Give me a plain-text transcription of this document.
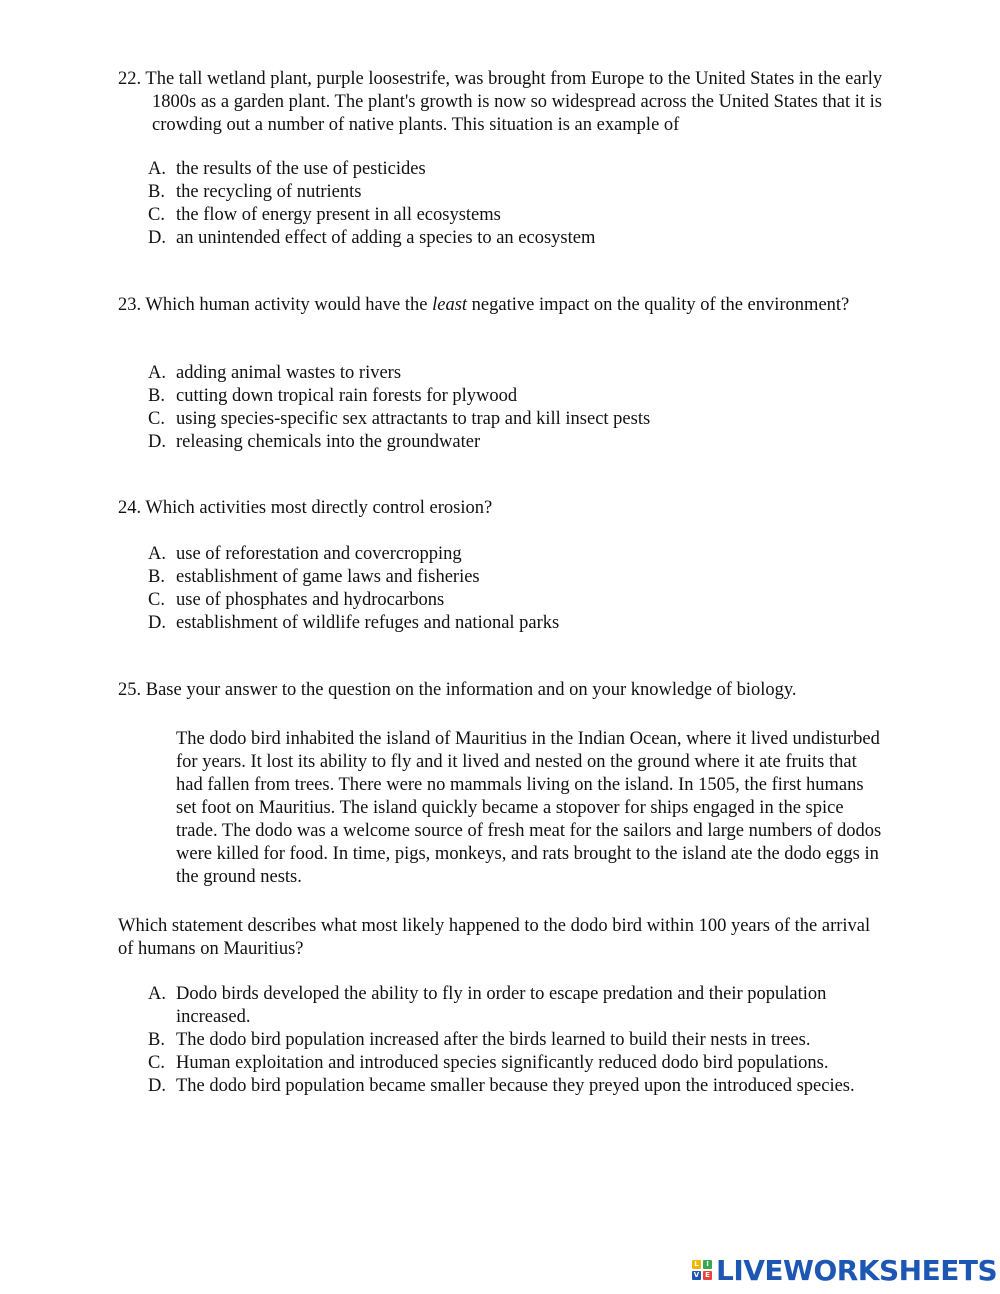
22. The tall wetland plant, purple loosestrife, was brought from Europe to the United States in the early 1800s as a garden plant. The plant's growth is now so widespread across the United States that it is crowding out a number of native plants. This situation is an example of
A. the results of the use of pesticides
B. the recycling of nutrients
C. the flow of energy present in all ecosystems
D. an unintended effect of adding a species to an ecosystem
23. Which human activity would have the least negative impact on the quality of the environment?
A. adding animal wastes to rivers
B. cutting down tropical rain forests for plywood
C. using species-specific sex attractants to trap and kill insect pests
D. releasing chemicals into the groundwater
24. Which activities most directly control erosion?
A. use of reforestation and covercropping
B. establishment of game laws and fisheries
C. use of phosphates and hydrocarbons
D. establishment of wildlife refuges and national parks
25. Base your answer to the question on the information and on your knowledge of biology.
The dodo bird inhabited the island of Mauritius in the Indian Ocean, where it lived undisturbed for years. It lost its ability to fly and it lived and nested on the ground where it ate fruits that had fallen from trees. There were no mammals living on the island. In 1505, the first humans set foot on Mauritius. The island quickly became a stopover for ships engaged in the spice trade. The dodo was a welcome source of fresh meat for the sailors and large numbers of dodos were killed for food. In time, pigs, monkeys, and rats brought to the island ate the dodo eggs in the ground nests.
Which statement describes what most likely happened to the dodo bird within 100 years of the arrival of humans on Mauritius?
A. Dodo birds developed the ability to fly in order to escape predation and their population increased.
B. The dodo bird population increased after the birds learned to build their nests in trees.
C. Human exploitation and introduced species significantly reduced dodo bird populations.
D. The dodo bird population became smaller because they preyed upon the introduced species.
L	I
V E LIVEWORKSHEETS
